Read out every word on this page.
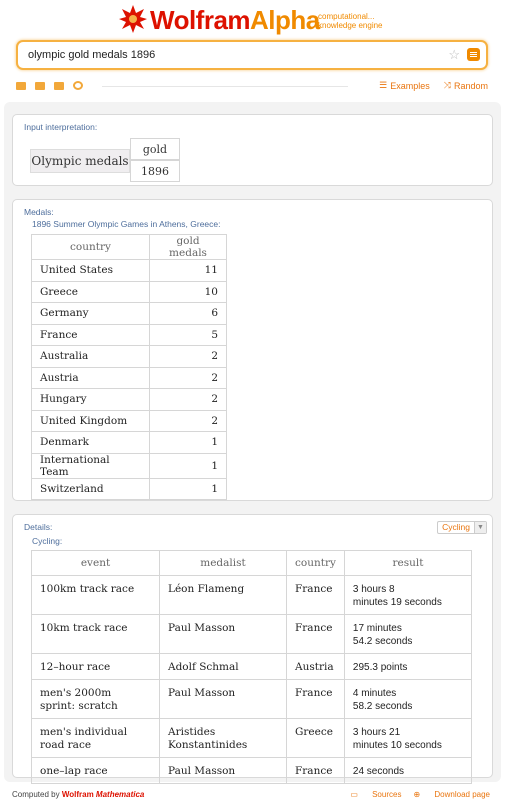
WolframAlpha
computational...
knowledge engine
olympic gold medals 1896
☆
☰ Examples ⤨ Random
Input interpretation:
Olympic medals
gold
1896
Medals:
1896 Summer Olympic Games in Athens, Greece:
country	gold medals
United States	11
Greece	10
Germany	6
France	5
Australia	2
Austria	2
Hungary	2
United Kingdom	2
Denmark	1
International Team	1
Switzerland	1
Details:	Cycling	▼
Cycling:
event	medalist	country	result
100km track race	Léon Flameng	France	3 hours 8
minutes 19 seconds
10km track race	Paul Masson	France	17 minutes
54.2 seconds
12–hour race	Adolf Schmal	Austria	295.3 points
men's 2000m
sprint: scratch	Paul Masson	France	4 minutes
58.2 seconds
men's individual
road race	Aristides
Konstantinides	Greece	3 hours 21
minutes 10 seconds
one–lap race	Paul Masson	France	24 seconds
Computed by Wolfram Mathematica	▭ Sources ⊕ Download page
